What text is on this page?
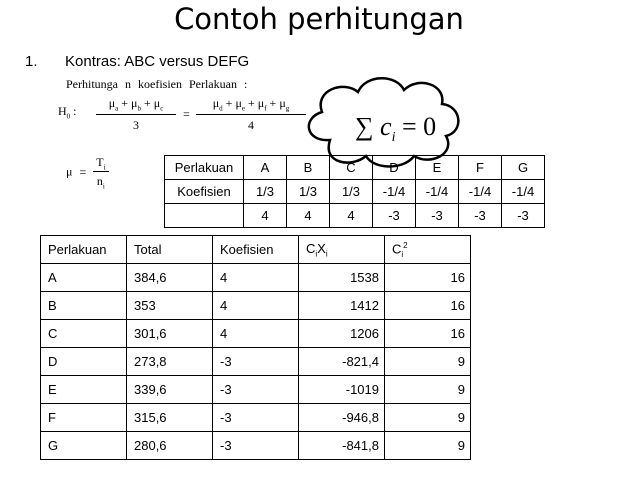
Contoh perhitungan
1. Kontras: ABC versus DEFG
Perhitunga n koefisien Perlakuan :
$H_0$ : $\frac{\mu_a + \mu_b + \mu_c}{3} = \frac{\mu_d + \mu_e + \mu_f + \mu_g}{4}$
$\mu = \frac{T_i}{n_i}$
∑ $c_i = 0$
Perlakuan	A	B	C	D	E	F	G
Koefisien	1/3	1/3	1/3	-1/4	-1/4	-1/4	-1/4
	4	4	4	-3	-3	-3	-3
Perlakuan	Total	Koefisien	$C_iX_i$	$C_i^2$
A	384,6	4	1538	16
B	353	4	1412	16
C	301,6	4	1206	16
D	273,8	-3	-821,4	9
E	339,6	-3	-1019	9
F	315,6	-3	-946,8	9
G	280,6	-3	-841,8	9
